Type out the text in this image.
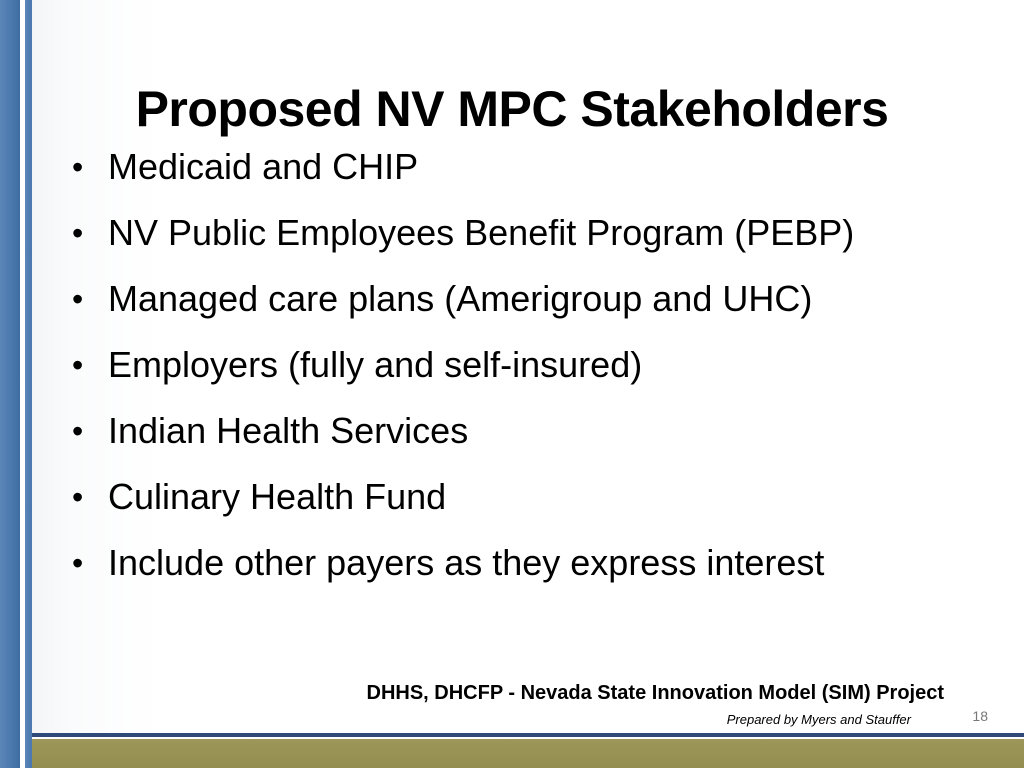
Proposed NV MPC Stakeholders
• Medicaid and CHIP
• NV Public Employees Benefit Program (PEBP)
• Managed care plans (Amerigroup and UHC)
• Employers (fully and self-insured)
• Indian Health Services
• Culinary Health Fund
• Include other payers as they express interest
DHHS, DHCFP - Nevada State Innovation Model (SIM) Project
Prepared by Myers and Stauffer	18
